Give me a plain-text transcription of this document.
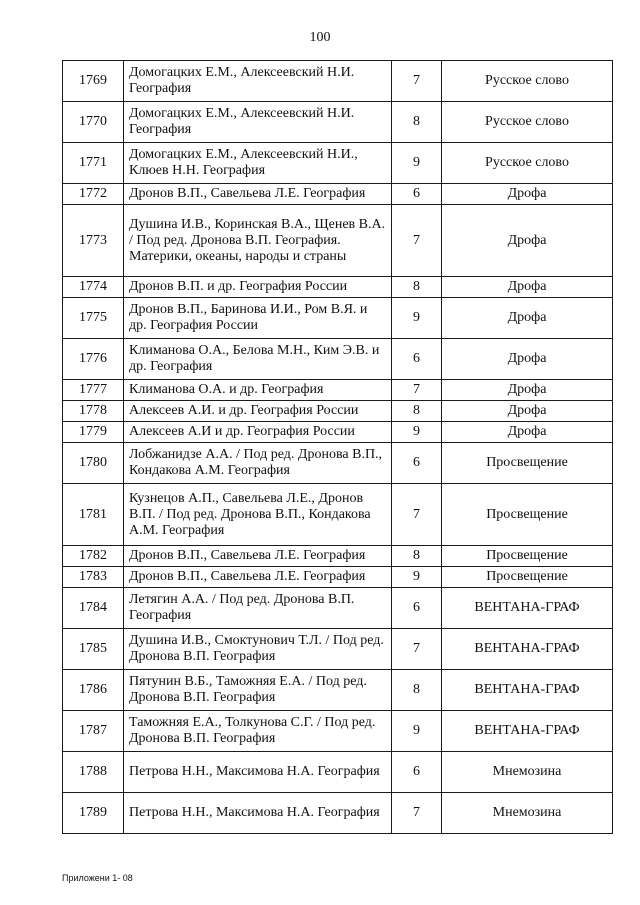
100
1769	Домогацких Е.М., Алексеевский Н.И. География	7	Русское слово
1770	Домогацких Е.М., Алексеевский Н.И. География	8	Русское слово
1771	Домогацких Е.М., Алексеевский Н.И., Клюев Н.Н. География	9	Русское слово
1772	Дронов В.П., Савельева Л.Е. География	6	Дрофа
1773	Душина И.В., Коринская В.А., Щенев В.А. / Под ред. Дронова В.П. География. Материки, океаны, народы и страны	7	Дрофа
1774	Дронов В.П. и др. География России	8	Дрофа
1775	Дронов В.П., Баринова И.И., Ром В.Я. и др. География России	9	Дрофа
1776	Климанова О.А., Белова М.Н., Ким Э.В. и др. География	6	Дрофа
1777	Климанова О.А. и др. География	7	Дрофа
1778	Алексеев А.И. и др. География России	8	Дрофа
1779	Алексеев А.И и др. География России	9	Дрофа
1780	Лобжанидзе А.А. / Под ред. Дронова В.П., Кондакова А.М. География	6	Просвещение
1781	Кузнецов А.П., Савельева Л.Е., Дронов В.П. / Под ред. Дронова В.П., Кондакова А.М. География	7	Просвещение
1782	Дронов В.П., Савельева Л.Е. География	8	Просвещение
1783	Дронов В.П., Савельева Л.Е. География	9	Просвещение
1784	Летягин А.А. / Под ред. Дронова В.П. География	6	ВЕНТАНА-ГРАФ
1785	Душина И.В., Смоктунович Т.Л. / Под ред. Дронова В.П. География	7	ВЕНТАНА-ГРАФ
1786	Пятунин В.Б., Таможняя Е.А. / Под ред. Дронова В.П. География	8	ВЕНТАНА-ГРАФ
1787	Таможняя Е.А., Толкунова С.Г. / Под ред. Дронова В.П. География	9	ВЕНТАНА-ГРАФ
1788	Петрова Н.Н., Максимова Н.А. География	6	Мнемозина
1789	Петрова Н.Н., Максимова Н.А. География	7	Мнемозина
Приложени 1- 08
